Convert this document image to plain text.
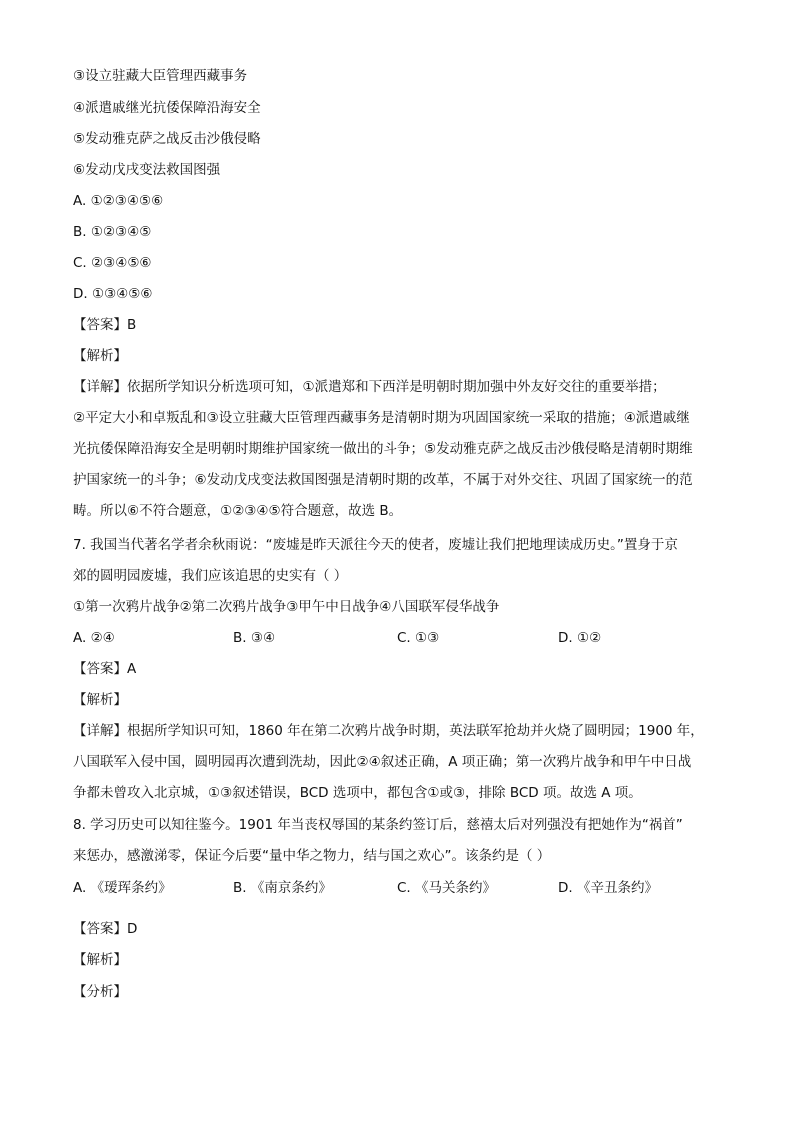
③设立驻藏大臣管理西藏事务
④派遣戚继光抗倭保障沿海安全
⑤发动雅克萨之战反击沙俄侵略
⑥发动戊戌变法救国图强
A. ①②③④⑤⑥
B. ①②③④⑤
C. ②③④⑤⑥
D. ①③④⑤⑥
【答案】B
【解析】
【详解】依据所学知识分析选项可知，①派遣郑和下西洋是明朝时期加强中外友好交往的重要举措；
②平定大小和卓叛乱和③设立驻藏大臣管理西藏事务是清朝时期为巩固国家统一采取的措施；④派遣戚继
光抗倭保障沿海安全是明朝时期维护国家统一做出的斗争；⑤发动雅克萨之战反击沙俄侵略是清朝时期维
护国家统一的斗争；⑥发动戊戌变法救国图强是清朝时期的改革，不属于对外交往、巩固了国家统一的范
畴。所以⑥不符合题意，①②③④⑤符合题意，故选 B。
7. 我国当代著名学者余秋雨说：“废墟是昨天派往今天的使者，废墟让我们把地理读成历史。”置身于京
郊的圆明园废墟，我们应该追思的史实有（ ）
①第一次鸦片战争②第二次鸦片战争③甲午中日战争④八国联军侵华战争
A. ②④	B. ③④	C. ①③	D. ①②
【答案】A
【解析】
【详解】根据所学知识可知，1860 年在第二次鸦片战争时期，英法联军抢劫并火烧了圆明园；1900 年，
八国联军入侵中国，圆明园再次遭到洗劫，因此②④叙述正确，A 项正确；第一次鸦片战争和甲午中日战
争都未曾攻入北京城，①③叙述错误，BCD 选项中，都包含①或③，排除 BCD 项。故选 A 项。
8. 学习历史可以知往鉴今。1901 年当丧权辱国的某条约签订后，慈禧太后对列强没有把她作为“祸首”
来惩办，感激涕零，保证今后要“量中华之物力，结与国之欢心”。该条约是（ ）
A. 《瑷珲条约》	B. 《南京条约》	C. 《马关条约》	D. 《辛丑条约》
【答案】D
【解析】
【分析】
